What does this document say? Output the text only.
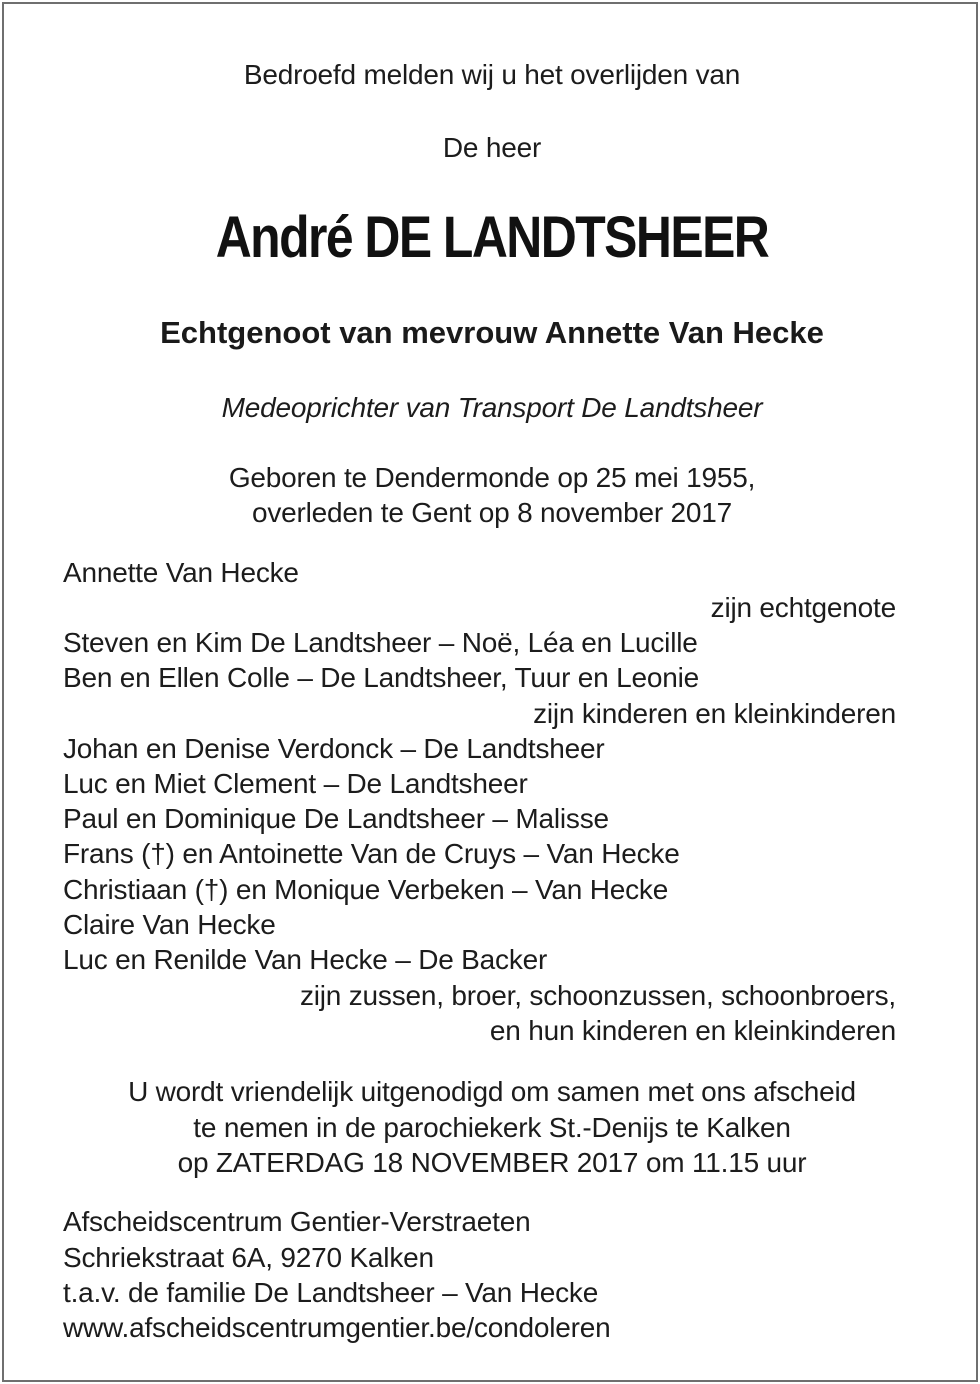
Bedroefd melden wij u het overlijden van
De heer
André DE LANDTSHEER
Echtgenoot van mevrouw Annette Van Hecke
Medeoprichter van Transport De Landtsheer
Geboren te Dendermonde op 25 mei 1955,
overleden te Gent op 8 november 2017
Annette Van Hecke
zijn echtgenote
Steven en Kim De Landtsheer – Noë, Léa en Lucille
Ben en Ellen Colle – De Landtsheer, Tuur en Leonie
zijn kinderen en kleinkinderen
Johan en Denise Verdonck – De Landtsheer
Luc en Miet Clement – De Landtsheer
Paul en Dominique De Landtsheer – Malisse
Frans (†) en Antoinette Van de Cruys – Van Hecke
Christiaan (†) en Monique Verbeken – Van Hecke
Claire Van Hecke
Luc en Renilde Van Hecke – De Backer
zijn zussen, broer, schoonzussen, schoonbroers,
en hun kinderen en kleinkinderen
U wordt vriendelijk uitgenodigd om samen met ons afscheid
te nemen in de parochiekerk St.-Denijs te Kalken
op ZATERDAG 18 NOVEMBER 2017 om 11.15 uur
Afscheidscentrum Gentier-Verstraeten
Schriekstraat 6A, 9270 Kalken
t.a.v. de familie De Landtsheer – Van Hecke
www.afscheidscentrumgentier.be/condoleren
